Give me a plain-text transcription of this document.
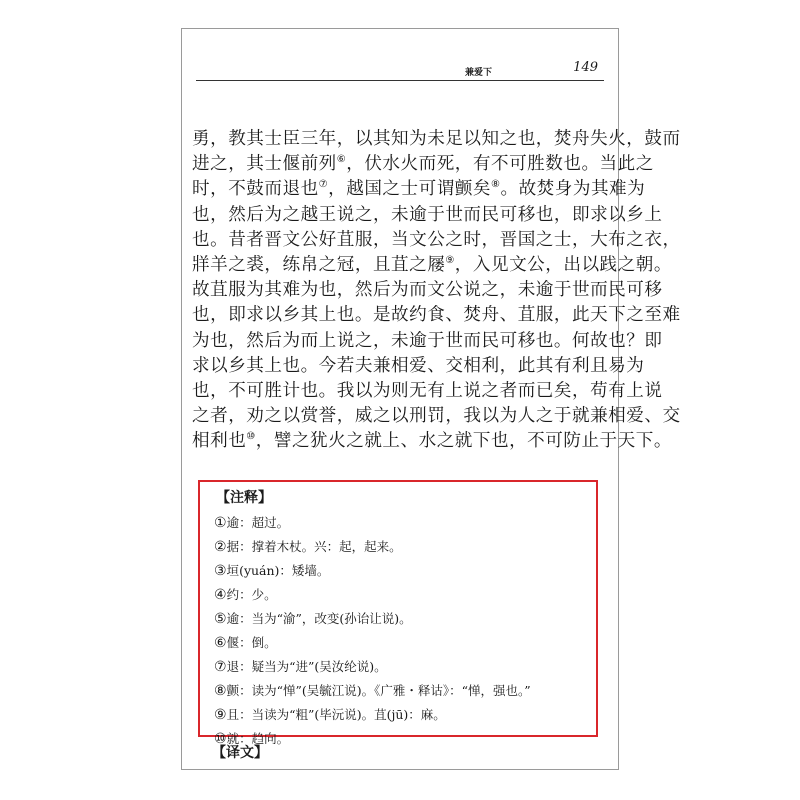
兼爱下	149

勇，教其士臣三年，以其知为未足以知之也，焚舟失火，鼓而

进之，其士偃前列⑥，伏水火而死，有不可胜数也。当此之

时，不鼓而退也⑦，越国之士可谓颤矣⑧。故焚身为其难为

也，然后为之越王说之，未逾于世而民可移也，即求以乡上

也。昔者晋文公好苴服，当文公之时，晋国之士，大布之衣，

牂羊之裘，练帛之冠，且苴之屦⑨，入见文公，出以践之朝。

故苴服为其难为也，然后为而文公说之，未逾于世而民可移

也，即求以乡其上也。是故约食、焚舟、苴服，此天下之至难

为也，然后为而上说之，未逾于世而民可移也。何故也？即

求以乡其上也。今若夫兼相爱、交相利，此其有利且易为

也，不可胜计也。我以为则无有上说之者而已矣，苟有上说

之者，劝之以赏誉，威之以刑罚，我以为人之于就兼相爱、交

相利也⑩，譬之犹火之就上、水之就下也，不可防止于天下。

【注释】
①逾：超过。
②据：撑着木杖。兴：起，起来。
③垣(yuán)：矮墙。
④约：少。
⑤逾：当为“渝”，改变(孙诒让说)。
⑥偃：倒。
⑦退：疑当为“进”(吴汝纶说)。
⑧颤：读为“惮”(吴毓江说)。《广雅・释诂》：“惮，强也。”
⑨且：当读为“粗”(毕沅说)。苴(jū)：麻。
⑩就：趋向。
【译文】
